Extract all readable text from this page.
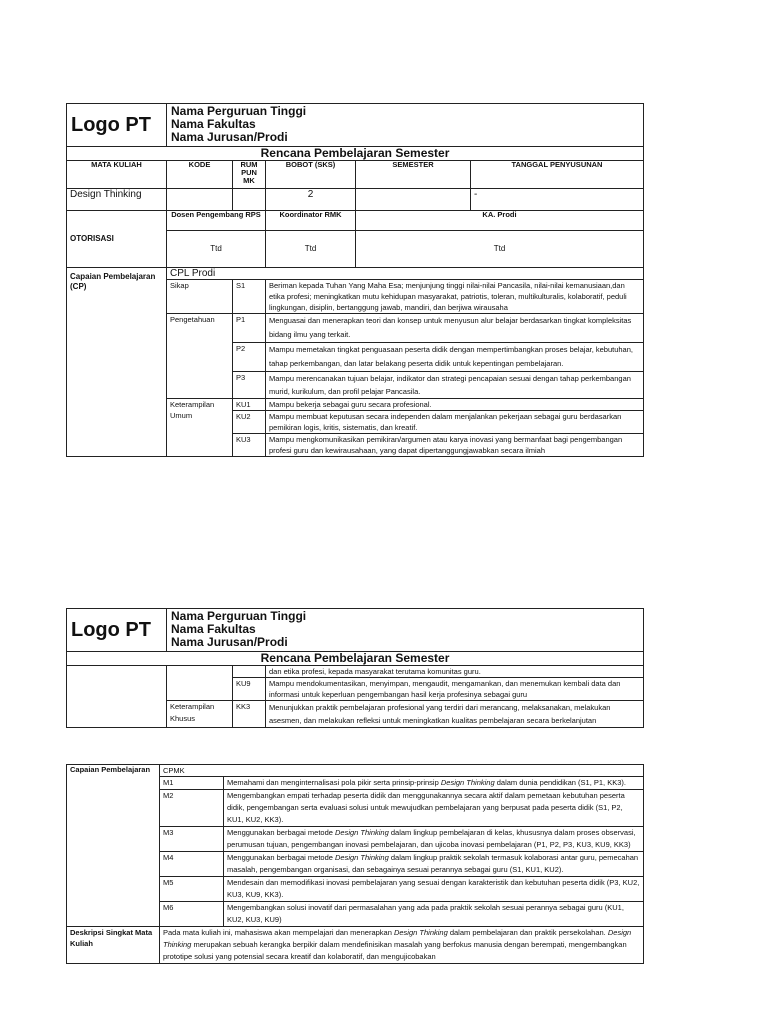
Logo PT	Nama Perguruan Tinggi
Nama Fakultas
Nama Jurusan/Prodi				

Rencana Pembelajaran Semester					
MATA KULIAH	KODE	RUM PUN MK	BOBOT (SKS)	SEMESTER	TANGGAL PENYUSUNAN
Design Thinking			2		-
OTORISASI	Dosen Pengembang RPS		Koordinator RMK	KA. Prodi	
	Ttd		Ttd	Ttd	
Capaian Pembelajaran (CP)	CPL Prodi				
	Sikap	S1	Beriman kepada Tuhan Yang Maha Esa; menjunjung tinggi nilai-nilai Pancasila, nilai-nilai kemanusiaan,dan etika profesi; meningkatkan mutu kehidupan masyarakat, patriotis, toleran, multikulturalis, kolaboratif, peduli lingkungan, disiplin, bertanggung jawab, mandiri, dan berjiwa wirausaha		
	Pengetahuan	P1	Menguasai dan menerapkan teori dan konsep untuk menyusun alur belajar berdasarkan tingkat kompleksitas bidang ilmu yang terkait.		
		P2	Mampu memetakan tingkat penguasaan peserta didik dengan mempertimbangkan proses belajar, kebutuhan, tahap perkembangan, dan latar belakang peserta didik untuk kepentingan pembelajaran.		
		P3	Mampu merencanakan tujuan belajar, indikator dan strategi pencapaian sesuai dengan tahap perkembangan murid, kurikulum, dan profil pelajar Pancasila.		
	Keterampilan Umum	KU1	Mampu bekerja sebagai guru secara profesional.		
		KU2	Mampu membuat keputusan secara independen dalam menjalankan pekerjaan sebagai guru berdasarkan pemikiran logis, kritis, sistematis, dan kreatif.		
		KU3	Mampu mengkomunikasikan pemikiran/argumen atau karya inovasi yang bermanfaat bagi pengembangan profesi guru dan kewirausahaan, yang dapat dipertanggungjawabkan secara ilmiah		
Logo PT	Nama Perguruan Tinggi
Nama Fakultas
Nama Jurusan/Prodi		

Rencana Pembelajaran Semester			
			dan etika profesi, kepada masyarakat terutama komunitas guru.
		KU9	Mampu mendokumentasikan, menyimpan, mengaudit, mengamankan, dan menemukan kembali data dan informasi untuk keperluan pengembangan hasil kerja profesinya sebagai guru
	Keterampilan Khusus	KK3	Menunjukkan praktik pembelajaran profesional yang terdiri dari merancang, melaksanakan, melakukan asesmen, dan melakukan refleksi untuk meningkatkan kualitas pembelajaran secara berkelanjutan
Capaian Pembelajaran	CPMK	
	M1	Memahami dan menginternalisasi pola pikir serta prinsip-prinsip Design Thinking dalam dunia pendidikan (S1, P1, KK3).
	M2	Mengembangkan empati terhadap peserta didik dan menggunakannya secara aktif dalam pemetaan kebutuhan peserta didik, pengembangan serta evaluasi solusi untuk mewujudkan pembelajaran yang berpusat pada peserta didik (S1, P2, KU1, KU2, KK3).
	M3	Menggunakan berbagai metode Design Thinking dalam lingkup pembelajaran di kelas, khususnya dalam proses observasi, perumusan tujuan, pengembangan inovasi pembelajaran, dan ujicoba inovasi pembelajaran (P1, P2, P3, KU3, KU9, KK3)
	M4	Menggunakan berbagai metode Design Thinking dalam lingkup praktik sekolah termasuk kolaborasi antar guru, pemecahan masalah, pengembangan organisasi, dan sebagainya sesuai perannya sebagai guru (S1, KU1, KU2).
	M5	Mendesain dan memodifikasi inovasi pembelajaran yang sesuai dengan karakteristik dan kebutuhan peserta didik (P3, KU2, KU3, KU9, KK3).
	M6	Mengembangkan solusi inovatif dari permasalahan yang ada pada praktik sekolah sesuai perannya sebagai guru (KU1, KU2, KU3, KU9)
Deskripsi Singkat Mata Kuliah	Pada mata kuliah ini, mahasiswa akan mempelajari dan menerapkan Design Thinking dalam pembelajaran dan praktik persekolahan. Design Thinking merupakan sebuah kerangka berpikir dalam mendefinisikan masalah yang berfokus manusia dengan berempati, mengembangkan prototipe solusi yang potensial secara kreatif dan kolaboratif, dan mengujicobakan	
